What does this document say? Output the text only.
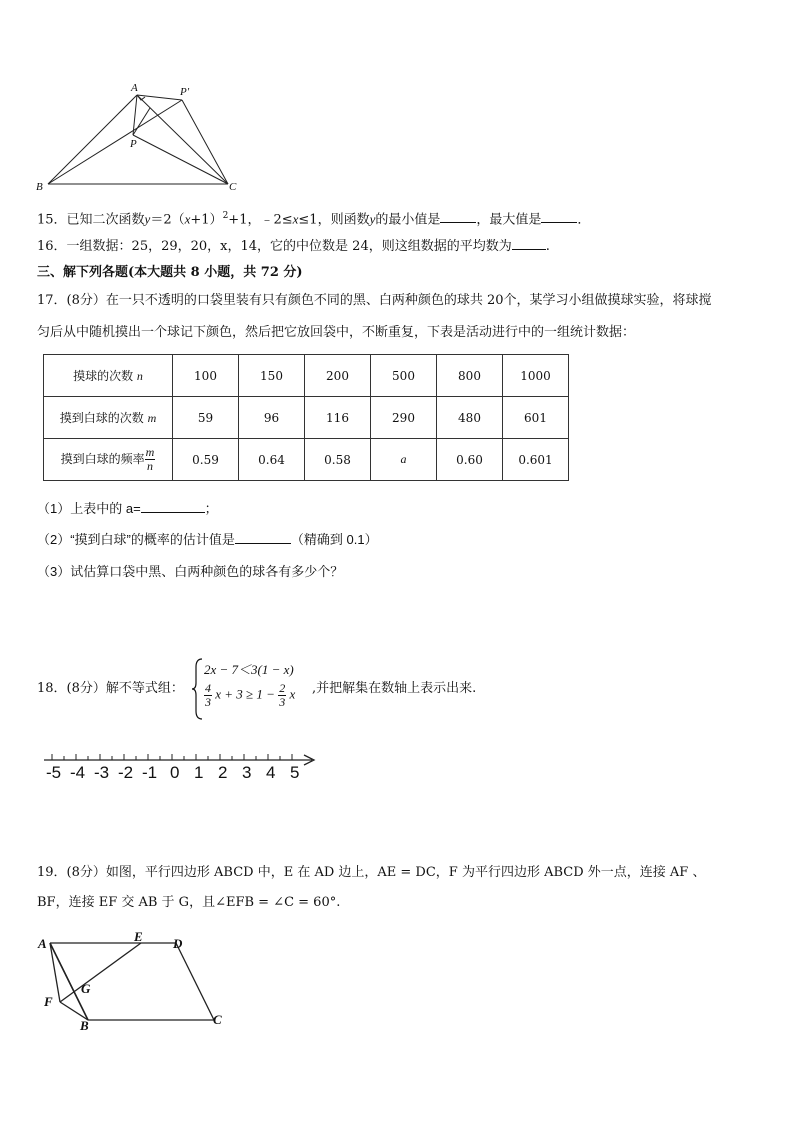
A	P'
P
B	C
15．已知二次函数$y=2(x+1)^2+1$，﹣2≤x≤1，则函数y的最小值是	，最大值是	．
16．一组数据：25，29，20，x，14，它的中位数是 24，则这组数据的平均数为	.
三、解下列各题(本大题共 8 小题，共 72 分)
17．(8分）在一只不透明的口袋里装有只有颜色不同的黑、白两种颜色的球共 20个，某学习小组做摸球实验，将球搅
匀后从中随机摸出一个球记下颜色，然后把它放回袋中，不断重复，下表是活动进行中的一组统计数据：
摸球的次数 n	100	150	200	500	800	1000
摸到白球的次数 m	59	96	116	290	480	601
摸到白球的频率 $\frac{m}{n}$	0.59	0.64	0.58	a	0.60	0.601
（1）上表中的 a=	；
（2）“摸到白球”的概率的估计值是	（精确到 0.1）
（3）试估算口袋中黑、白两种颜色的球各有多少个？
18．(8分）解不等式组：
2x − 7＜3(1 − x)
$\frac{4}{3}$ $x + 3 \ge 1 - \frac{2}{3}$ x ,并把解集在数轴上表示出来.
-5 -4 -3 -2 -1 0 1 2 3 4 5
19．(8分）如图，平行四边形 ABCD 中，E 在 AD 边上，AE = DC，F 为平行四边形 ABCD 外一点，连接 AF 、
BF，连接 EF 交 AB 于 G，且∠EFB = ∠C = 60°.
A	E D
F
G
B	C
